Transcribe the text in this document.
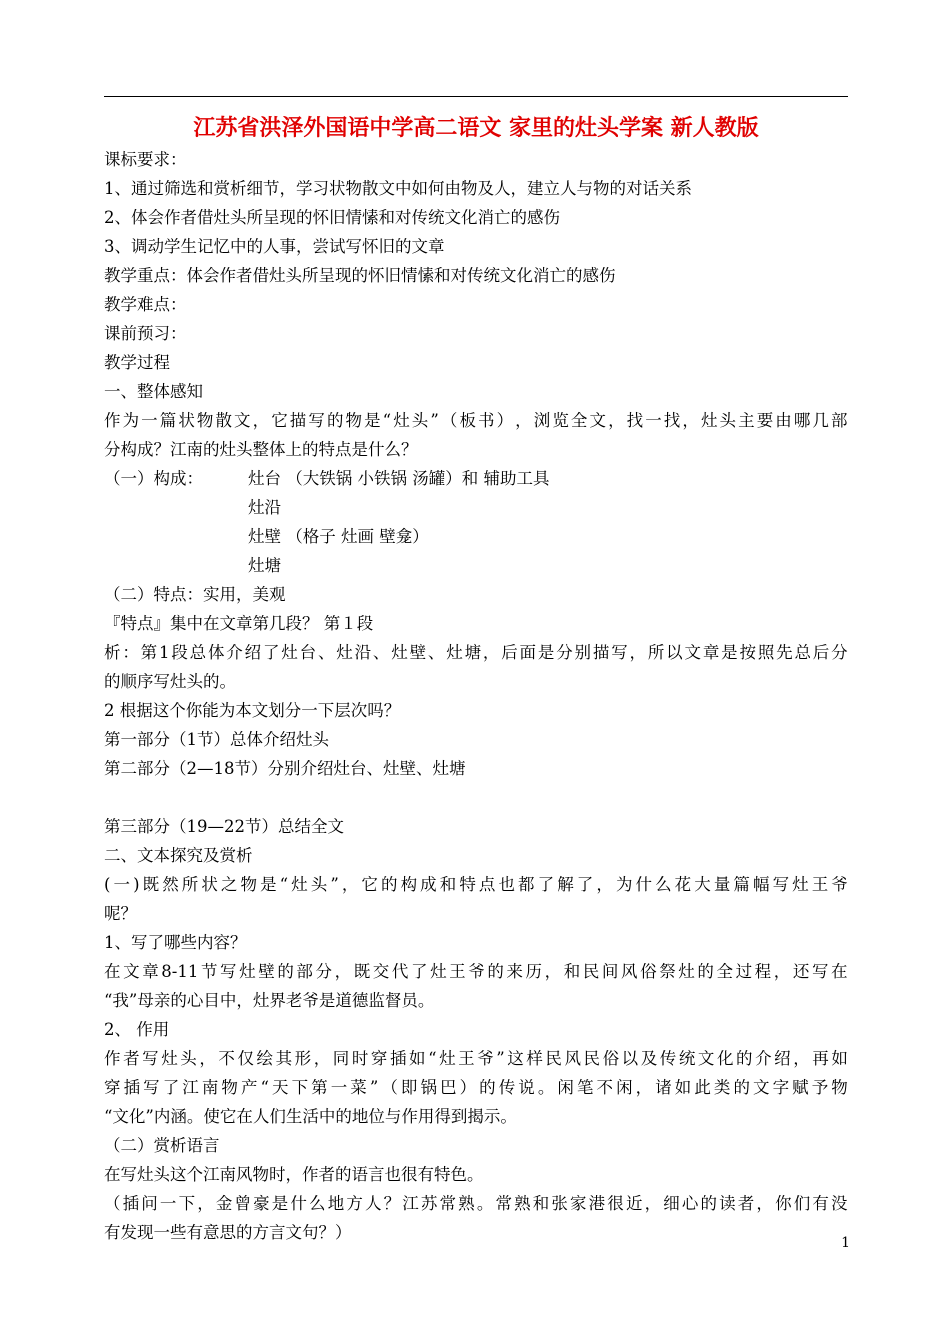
江苏省洪泽外国语中学高二语文 家里的灶头学案 新人教版
课标要求：
1、通过筛选和赏析细节，学习状物散文中如何由物及人，建立人与物的对话关系
2、体会作者借灶头所呈现的怀旧情愫和对传统文化消亡的感伤
3、调动学生记忆中的人事，尝试写怀旧的文章
教学重点：体会作者借灶头所呈现的怀旧情愫和对传统文化消亡的感伤
教学难点：
课前预习：
教学过程
一、整体感知
作 为 一 篇 状 物 散 文 ， 它 描 写 的 物 是 “ 灶 头 ” （ 板 书 ） ， 浏 览 全 文 ， 找 一 找 ， 灶 头 主 要 由 哪 几 部
分构成？江南的灶头整体上的特点是什么？
（一）构成：	灶台 （大铁锅 小铁锅 汤罐）和 辅助工具
灶沿
灶壁 （格子 灶画 壁龛）
灶塘
（二）特点：实用，美观
『特点』集中在文章第几段？ 第１段
析 ： 第 1 段 总 体 介 绍 了 灶 台 、 灶 沿 、 灶 壁 、 灶 塘 ， 后 面 是 分 别 描 写 ， 所 以 文 章 是 按 照 先 总 后 分
的顺序写灶头的。
2 根据这个你能为本文划分一下层次吗？
第一部分（1节）总体介绍灶头
第二部分（2—18节）分别介绍灶台、灶壁、灶塘
第三部分（19—22节）总结全文
二、文本探究及赏析
( 一 ) 既 然 所 状 之 物 是 “ 灶 头 ” ， 它 的 构 成 和 特 点 也 都 了 解 了 ， 为 什 么 花 大 量 篇 幅 写 灶 王 爷
呢？
1、写了哪些内容？
在 文 章 8-11 节 写 灶 壁 的 部 分 ， 既 交 代 了 灶 王 爷 的 来 历 ， 和 民 间 风 俗 祭 灶 的 全 过 程 ， 还 写 在
“我”母亲的心目中，灶界老爷是道德监督员。
2、 作用
作 者 写 灶 头 ， 不 仅 绘 其 形 ， 同 时 穿 插 如 “ 灶 王 爷 ” 这 样 民 风 民 俗 以 及 传 统 文 化 的 介 绍 ， 再 如
穿 插 写 了 江 南 物 产 “ 天 下 第 一 菜 ” （ 即 锅 巴 ） 的 传 说 。 闲 笔 不 闲 ， 诸 如 此 类 的 文 字 赋 予 物
“文化”内涵。使它在人们生活中的地位与作用得到揭示。
（二）赏析语言
在写灶头这个江南风物时，作者的语言也很有特色。
（ 插 问 一 下 ， 金 曾 豪 是 什 么 地 方 人 ？ 江 苏 常 熟 。 常 熟 和 张 家 港 很 近 ， 细 心 的 读 者 ， 你 们 有 没
有发现一些有意思的方言文句？）
1
